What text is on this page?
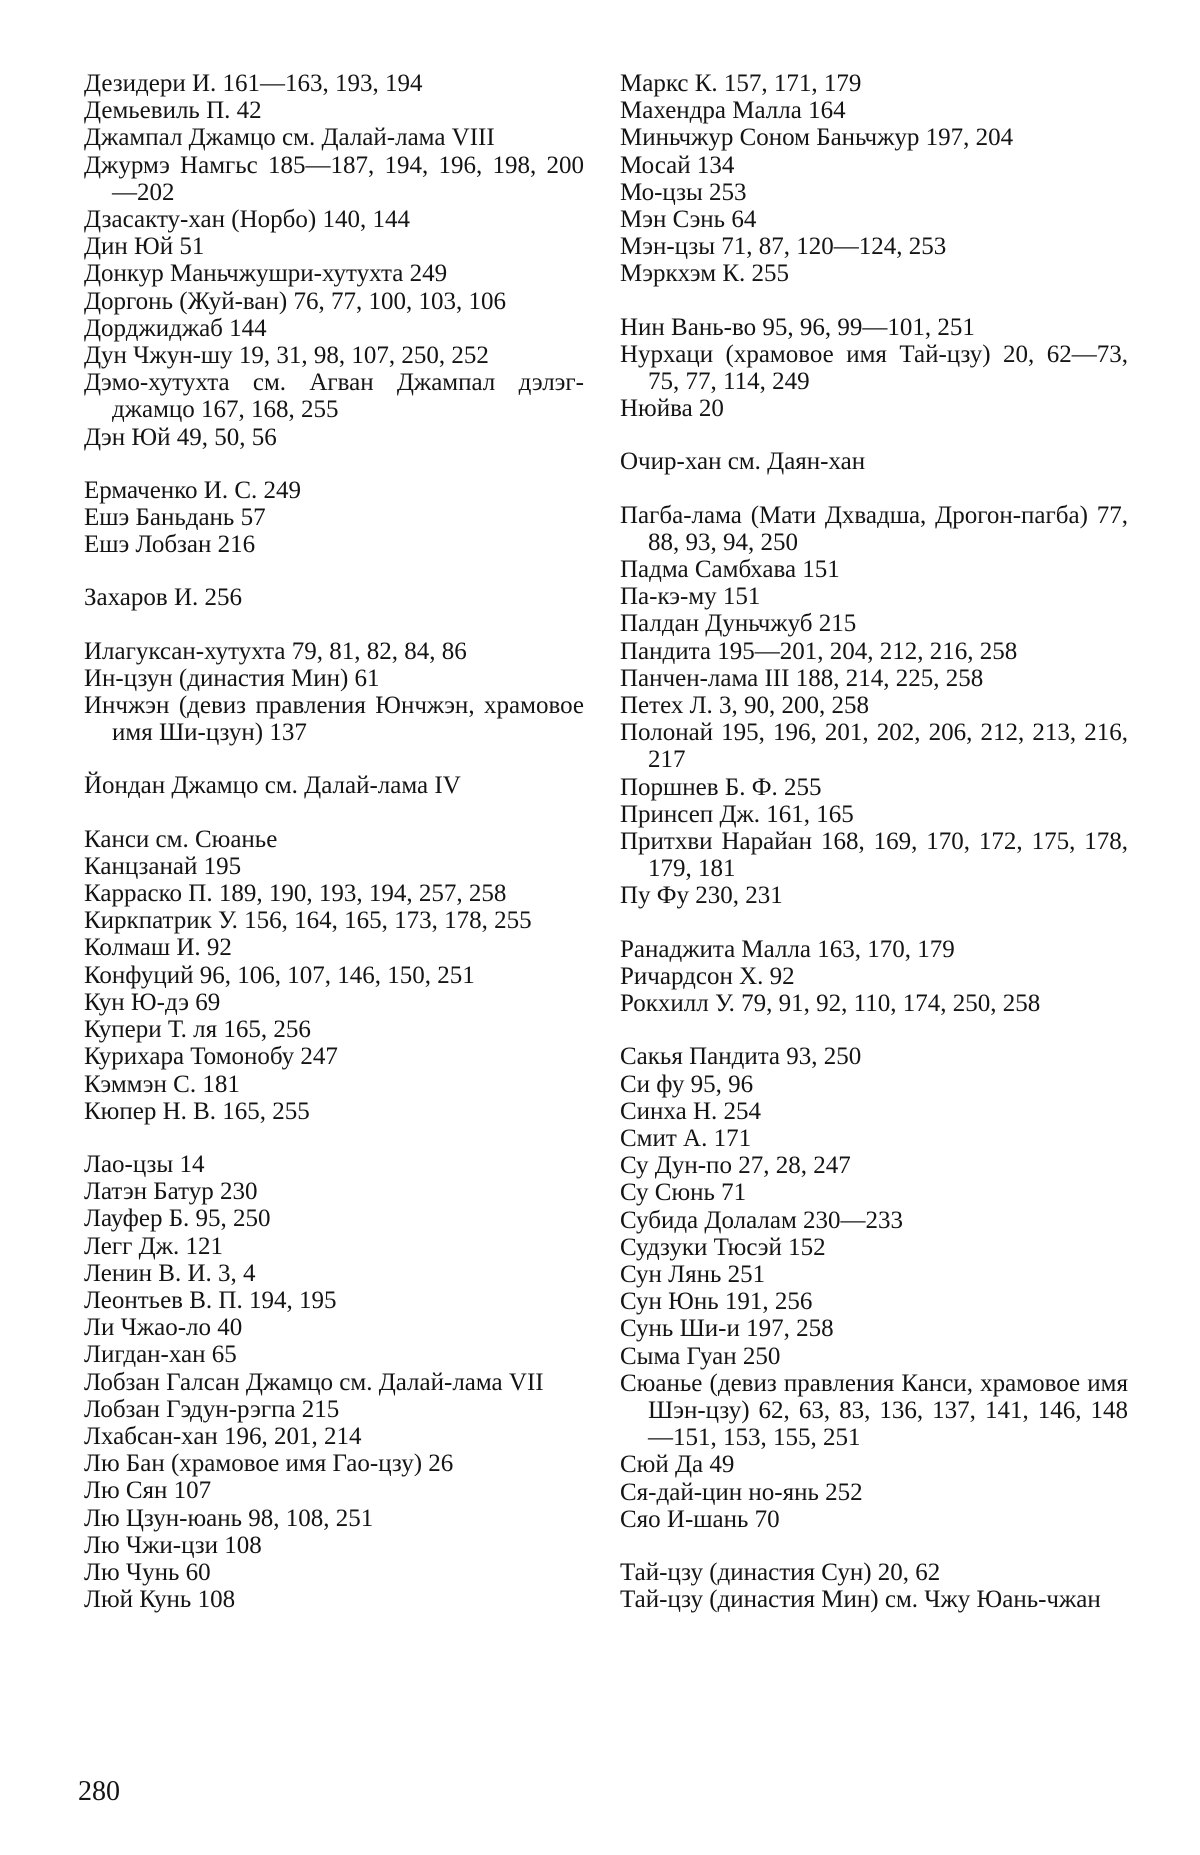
Дезидери И. 161—163, 193, 194
Демьевиль П. 42
Джампал Джамцо см. Далай-лама VIII
Джурмэ Намгьс 185—187, 194, 196, 198, 200—202
Дзасакту-хан (Норбо) 140, 144
Дин Юй 51
Донкур Маньчжушри-хутухта 249
Доргонь (Жуй-ван) 76, 77, 100, 103, 106
Дорджиджаб 144
Дун Чжун-шу 19, 31, 98, 107, 250, 252
Дэмо-хутухта см. Агван Джампал дэлэг-джамцо 167, 168, 255
Дэн Юй 49, 50, 56
Ермаченко И. С. 249
Ешэ Баньдань 57
Ешэ Лобзан 216
Захаров И. 256
Илагуксан-хутухта 79, 81, 82, 84, 86
Ин-цзун (династия Мин) 61
Инчжэн (девиз правления Юнчжэн, храмовое имя Ши-цзун) 137
Йондан Джамцо см. Далай-лама IV
Канси см. Сюанье
Канцзанай 195
Карраско П. 189, 190, 193, 194, 257, 258
Киркпатрик У. 156, 164, 165, 173, 178, 255
Колмаш И. 92
Конфуций 96, 106, 107, 146, 150, 251
Кун Ю-дэ 69
Купери Т. ля 165, 256
Курихара Томонобу 247
Кэммэн С. 181
Кюпер Н. В. 165, 255
Лао-цзы 14
Латэн Батур 230
Лауфер Б. 95, 250
Легг Дж. 121
Ленин В. И. 3, 4
Леонтьев В. П. 194, 195
Ли Чжао-ло 40
Лигдан-хан 65
Лобзан Галсан Джамцо см. Далай-лама VII
Лобзан Гэдун-рэгпа 215
Лхабсан-хан 196, 201, 214
Лю Бан (храмовое имя Гао-цзу) 26
Лю Сян 107
Лю Цзун-юань 98, 108, 251
Лю Чжи-цзи 108
Лю Чунь 60
Люй Кунь 108
Маркс К. 157, 171, 179
Махендра Малла 164
Миньчжур Соном Баньчжур 197, 204
Мосай 134
Мо-цзы 253
Мэн Сэнь 64
Мэн-цзы 71, 87, 120—124, 253
Мэркхэм К. 255
Нин Вань-во 95, 96, 99—101, 251
Нурхаци (храмовое имя Тай-цзу) 20, 62—73, 75, 77, 114, 249
Нюйва 20
Очир-хан см. Даян-хан
Пагба-лама (Мати Дхвадша, Дрогон-пагба) 77, 88, 93, 94, 250
Падма Самбхава 151
Па-кэ-му 151
Палдан Дуньчжуб 215
Пандита 195—201, 204, 212, 216, 258
Панчен-лама III 188, 214, 225, 258
Петех Л. 3, 90, 200, 258
Полонай 195, 196, 201, 202, 206, 212, 213, 216, 217
Поршнев Б. Ф. 255
Принсеп Дж. 161, 165
Притхви Нарайан 168, 169, 170, 172, 175, 178, 179, 181
Пу Фу 230, 231
Ранаджита Малла 163, 170, 179
Ричардсон Х. 92
Рокхилл У. 79, 91, 92, 110, 174, 250, 258
Сакья Пандита 93, 250
Си фу 95, 96
Синха Н. 254
Смит А. 171
Су Дун-по 27, 28, 247
Су Сюнь 71
Субида Долалам 230—233
Судзуки Тюсэй 152
Сун Лянь 251
Сун Юнь 191, 256
Сунь Ши-и 197, 258
Сыма Гуан 250
Сюанье (девиз правления Канси, храмовое имя Шэн-цзу) 62, 63, 83, 136, 137, 141, 146, 148—151, 153, 155, 251
Сюй Да 49
Ся-дай-цин но-янь 252
Сяо И-шань 70
Тай-цзу (династия Сун) 20, 62
Тай-цзу (династия Мин) см. Чжу Юань-чжан
280
